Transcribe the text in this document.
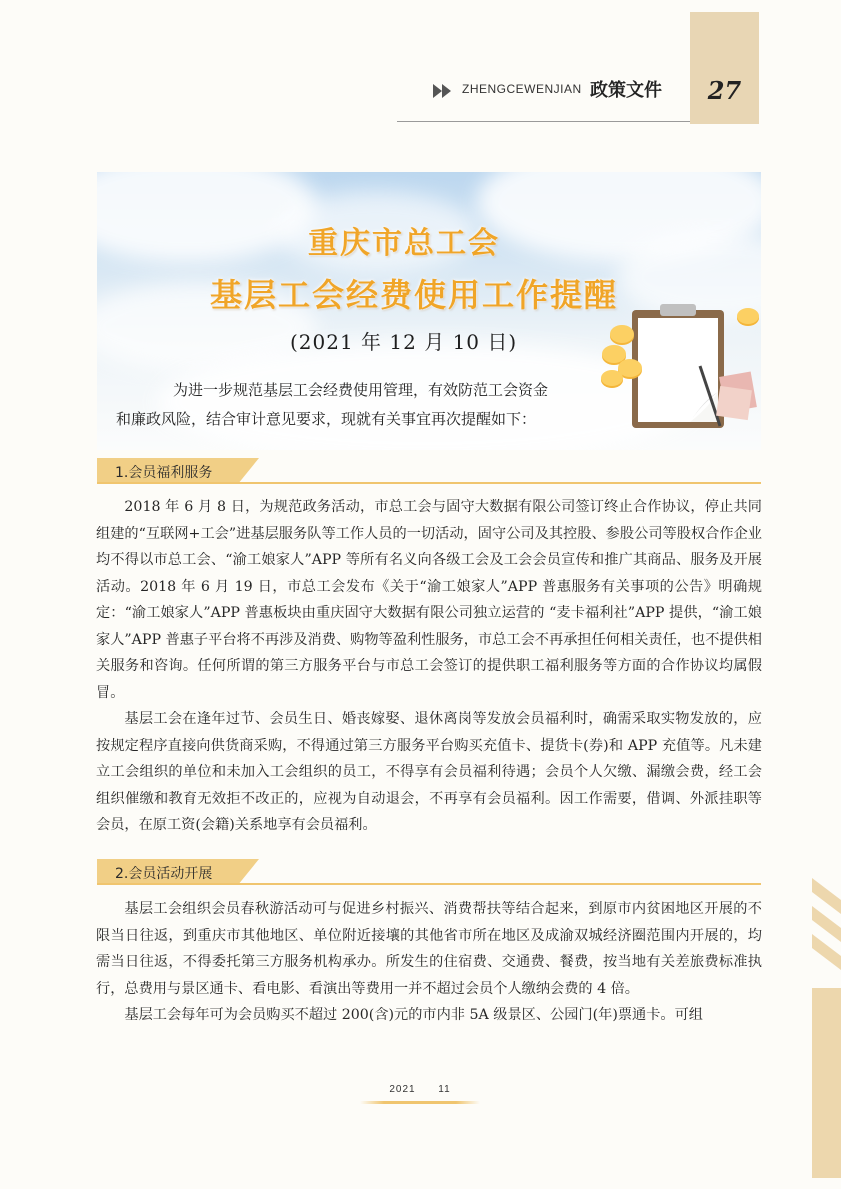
27
ZHENGCEWENJIAN 政策文件
重庆市总工会
基层工会经费使用工作提醒
(2021 年 12 月 10 日)

为进一步规范基层工会经费使用管理，有效防范工会资金

和廉政风险，结合审计意见要求，现就有关事宜再次提醒如下：

1.会员福利服务

2018 年 6 月 8 日，为规范政务活动，市总工会与固守大数据有限公司签订终止合作协议，停止共同组建的“互联网+工会”进基层服务队等工作人员的一切活动，固守公司及其控股、参股公司等股权合作企业均不得以市总工会、“渝工娘家人”APP 等所有名义向各级工会及工会会员宣传和推广其商品、服务及开展活动。2018 年 6 月 19 日，市总工会发布《关于“渝工娘家人”APP 普惠服务有关事项的公告》明确规定：“渝工娘家人”APP 普惠板块由重庆固守大数据有限公司独立运营的 “麦卡福利社”APP 提供，“渝工娘家人”APP 普惠子平台将不再涉及消费、购物等盈利性服务，市总工会不再承担任何相关责任，也不提供相关服务和咨询。任何所谓的第三方服务平台与市总工会签订的提供职工福利服务等方面的合作协议均属假冒。

基层工会在逢年过节、会员生日、婚丧嫁娶、退休离岗等发放会员福利时，确需采取实物发放的，应按规定程序直接向供货商采购，不得通过第三方服务平台购买充值卡、提货卡(券)和 APP 充值等。凡未建立工会组织的单位和未加入工会组织的员工，不得享有会员福利待遇；会员个人欠缴、漏缴会费，经工会组织催缴和教育无效拒不改正的，应视为自动退会，不再享有会员福利。因工作需要，借调、外派挂职等会员，在原工资(会籍)关系地享有会员福利。

2.会员活动开展

基层工会组织会员春秋游活动可与促进乡村振兴、消费帮扶等结合起来，到原市内贫困地区开展的不限当日往返，到重庆市其他地区、单位附近接壤的其他省市所在地区及成渝双城经济圈范围内开展的，均需当日往返，不得委托第三方服务机构承办。所发生的住宿费、交通费、餐费，按当地有关差旅费标准执行，总费用与景区通卡、看电影、看演出等费用一并不超过会员个人缴纳会费的 4 倍。

基层工会每年可为会员购买不超过 200(含)元的市内非 5A 级景区、公园门(年)票通卡。可组

2021 11
